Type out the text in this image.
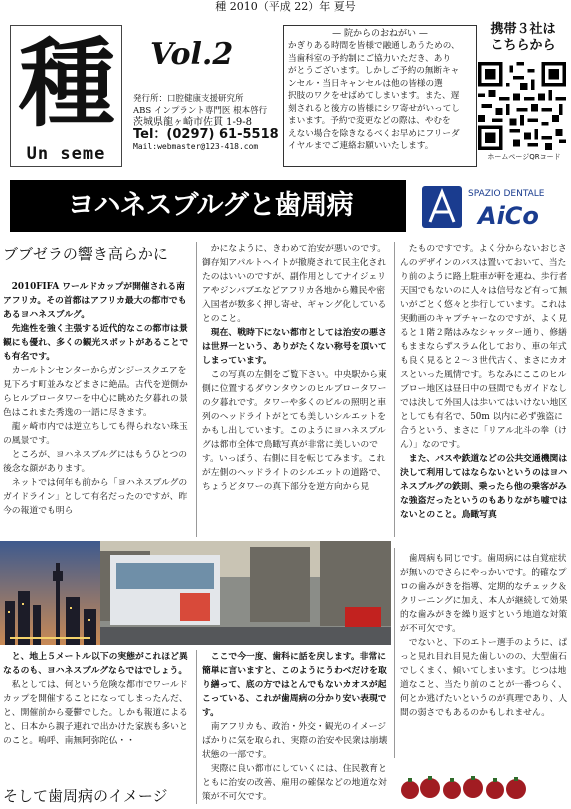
種 2010（平成 22）年 夏号
種
Un seme
Vol.2
発行所：口腔健康支援研究所
ABS インプラント専門医 根本啓行
茨城県龍ヶ崎市佐貫 1-9-8
Tel：(0297) 61-5518
Mail:webmaster@123-418.com
— 院からのおねがい —
かぎりある時間を皆様で融通しあうための、
当歯科室の予約制にご協力いただき、あり
がとうございます。しかしご予約の無断キャ
ンセル・当日キャンセルは他の皆様の選
択肢のワクをせばめてしまいます。また、遅
刻されると後方の皆様にシワ寄せがいってし
まいます。予約で変更などの際は、やむを
えない場合を除きなるべくお早めにフリーダ
イヤルまでご連絡お願いいたします。
携帯３社は
こちらから
ホームページQRコード
ヨハネスブルグと歯周病	SPAZIO DENTALE
AiCo
ブブゼラの響き高らかに

2010FIFA ワールドカップが開催される南アフリカ。その首都はアフリカ最大の都市でもあるヨハネスブルグ。

先進性を強く主張する近代的なこの都市は景観にも優れ、多くの観光スポットがあることでも有名です。

カールトンセンターからガンジースクエアを見下ろす町並みなどまさに絶品。古代を逆側からヒルブロータワーを中心に眺めた夕暮れの景色はこれまた秀逸の一語に尽きます。

龍ヶ崎市内では逆立ちしても得られない珠玉の風景です。

ところが、ヨハネスブルグにはもうひとつの後念な顔があります。

ネットでは何年も前から「ヨハネスブルグのガイドライン」として有名だったのですが、昨今の報道でも明ら

かになように、きわめて治安が悪いのです。御存知アパルトヘイトが撤廃されて民主化されたのはいいのですが、副作用としてナイジェリアやジンバブエなどアフリカ各地から難民や密入国者が数多く押し寄せ、ギャング化しているとのこと。

現在、戦時下にない都市としては治安の悪さは世界一という、ありがたくない称号を頂いてしまっています。

この写真の左側をご覧下さい。中央駅から東側に位置するダウンタウンのヒルブロータワーの夕暮れです。タワーや多くのビルの照明と車列のヘッドライトがとても美しいシルエットをかもし出しています。このようにヨハネスブルグは都市全体で鳥瞰写真が非常に美しいのです。いっぽう、右側に目を転じてみます。これが左側のヘッドライトのシルエットの道路で、ちょうどタワーの真下部分を逆方向から見

たものですです。よく分からないおじさんのデザインのバスは置いておいて、当たり前のように路上駐車が軒を連ね、歩行者天国でもないのに人々は信号など有って無いがごとく悠々と歩行しています。これは実動画のキャプチャーなのですが、よく見ると１階２階はみなシャッター通り、修繕もままならずスラム化しており、車の年式も良く見ると２〜３世代古く、まさにカオスといった風情です。ちなみにここのヒルブロー地区は昼日中の昼間でもガイドなしでは決して外国人は歩いてはいけない地区としても有名で、50m 以内に必ず強盗に合うという、まさに「リアル北斗の拳（けん）」なのです。

また、バスや鉄道などの公共交通機関は決して利用してはならないというのはヨハネスブルグの鉄則、乗ったら他の乗客がみな強盗だったというのもありながち嘘ではないとのこと。鳥瞰写真

と、地上５メートル以下の実態がこれほど異なるのも、ヨハネスブルグならではでしょう。

私としては、何という危険な都市でワールドカップを開催することになってしまったんだ、と、開催前から憂鬱でした。しかも報道によると、日本から親子連れで出かけた家族も多いとのこと。嗚呼、南無阿弥陀仏・・

そして歯周病のイメージ

ここで今一度、歯科に話を戻します。非常に簡単に言いますと、このようにうわべだけを取り繕って、底の方ではとんでもないカオスが起こっている、これが歯周病の分かり安い表現です。

南アフリカも、政治・外交・観光のイメージばかりに気を取られ、実際の治安や民衆は崩壊状態の一部です。

実際に良い都市にしていくには、住民教育とともに治安の改善、雇用の確保などの地道な対策が不可欠です。

歯周病も同じです。歯周病には自覚症状が無いのでさらにやっかいです。的確なプロの歯みがきを指導、定期的なチェック＆クリーニングに加え、本人が継続して効果的な歯みがきを繰り返すという地道な対策が不可欠です。

でないと、下のエトー選手のように、ぱっと見れ目れ目見た歯しいのの、大型歯石でしくまく、傾いてしまいます。じつは地道なこと、当たり前のことが一番つらく、何とか逃げたいというのが真理であり、人間の弱さでもあるのかもしれません。
